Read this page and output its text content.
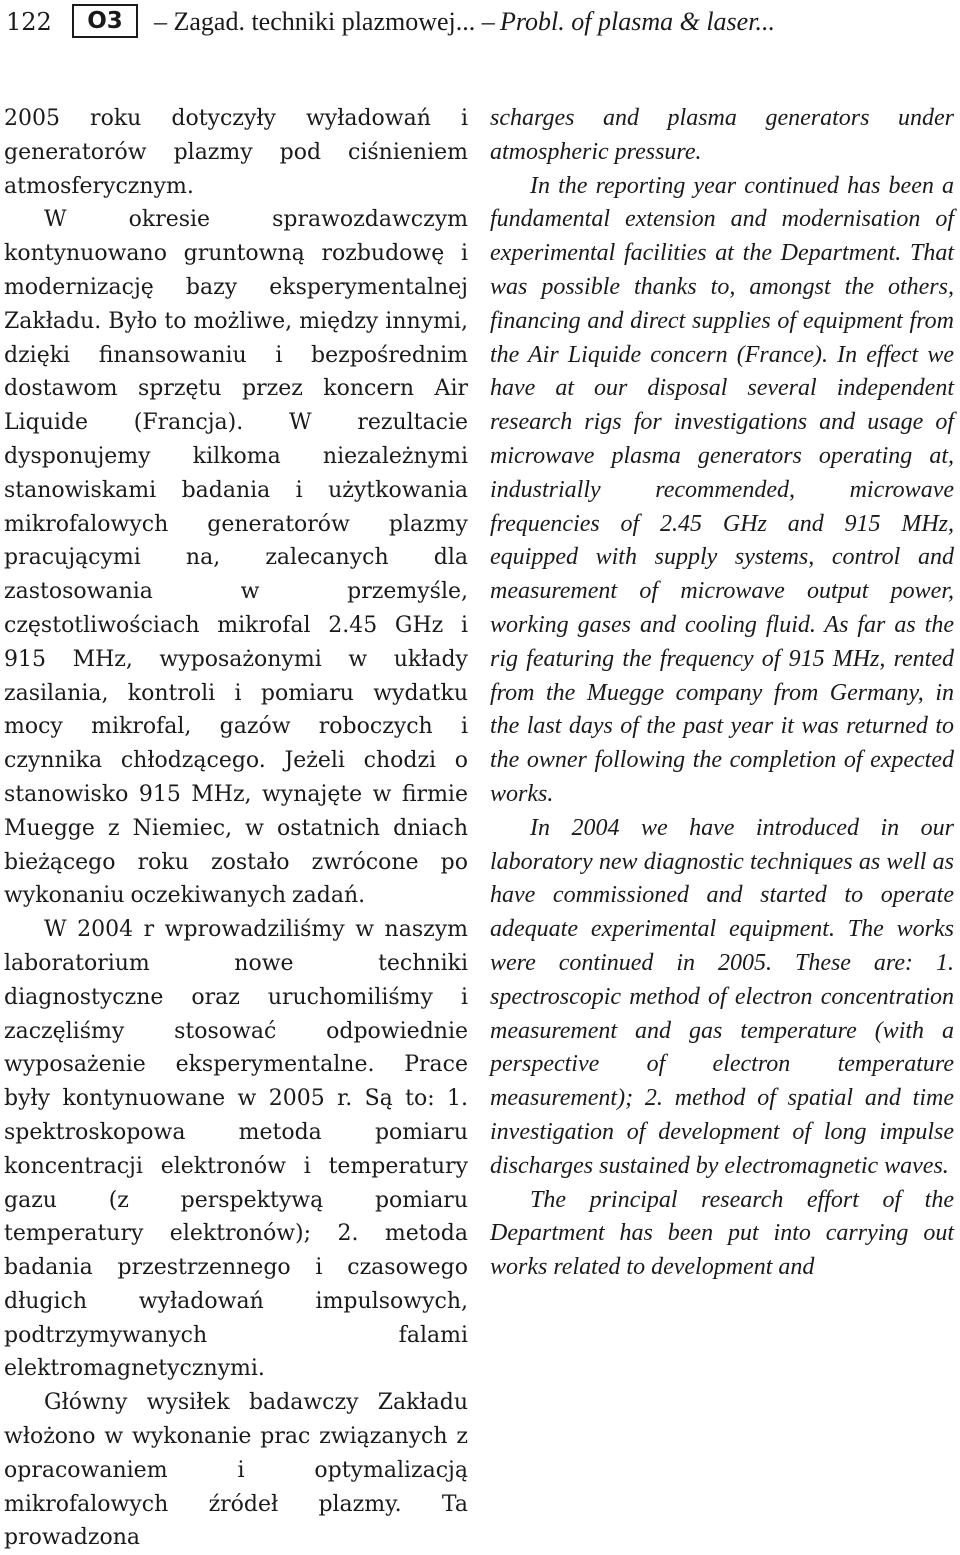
122	O3	– Zagad. techniki plazmowej... – Probl. of plasma & laser...

2005 roku dotyczyły wyładowań i generatorów plazmy pod ciśnieniem atmosferycznym.

W okresie sprawozdawczym kontynuowano gruntowną rozbudowę i modernizację bazy eksperymentalnej Zakładu. Było to możliwe, między innymi, dzięki finansowaniu i bezpośrednim dostawom sprzętu przez koncern Air Liquide (Francja). W rezultacie dysponujemy kilkoma niezależnymi stanowiskami badania i użytkowania mikrofalowych generatorów plazmy pracującymi na, zalecanych dla zastosowania w przemyśle, częstotliwościach mikrofal 2.45 GHz i 915 MHz, wyposażonymi w układy zasilania, kontroli i pomiaru wydatku mocy mikrofal, gazów roboczych i czynnika chłodzącego. Jeżeli chodzi o stanowisko 915 MHz, wynajęte w firmie Muegge z Niemiec, w ostatnich dniach bieżącego roku zostało zwrócone po wykonaniu oczekiwanych zadań.

W 2004 r wprowadziliśmy w naszym laboratorium nowe techniki diagnostyczne oraz uruchomiliśmy i zaczęliśmy stosować odpowiednie wyposażenie eksperymentalne. Prace były kontynuowane w 2005 r. Są to: 1. spektroskopowa metoda pomiaru koncentracji elektronów i temperatury gazu (z perspektywą pomiaru temperatury elektronów); 2. metoda badania przestrzennego i czasowego długich wyładowań impulsowych, podtrzymywanych falami elektromagnetycznymi.

Główny wysiłek badawczy Zakładu włożono w wykonanie prac związanych z opracowaniem i optymalizacją mikrofalowych źródeł plazmy. Ta prowadzona

scharges and plasma generators under atmospheric pressure.

In the reporting year continued has been a fundamental extension and modernisation of experimental facilities at the Department. That was possible thanks to, amongst the others, financing and direct supplies of equipment from the Air Liquide concern (France). In effect we have at our disposal several independent research rigs for investigations and usage of microwave plasma generators operating at, industrially recommended, microwave frequencies of 2.45 GHz and 915 MHz, equipped with supply systems, control and measurement of microwave output power, working gases and cooling fluid. As far as the rig featuring the frequency of 915 MHz, rented from the Muegge company from Germany, in the last days of the past year it was returned to the owner following the completion of expected works.

In 2004 we have introduced in our laboratory new diagnostic techniques as well as have commissioned and started to operate adequate experimental equipment. The works were continued in 2005. These are: 1. spectroscopic method of electron concentration measurement and gas temperature (with a perspective of electron temperature measurement); 2. method of spatial and time investigation of development of long impulse discharges sustained by electromagnetic waves.

The principal research effort of the Department has been put into carrying out works related to development and
